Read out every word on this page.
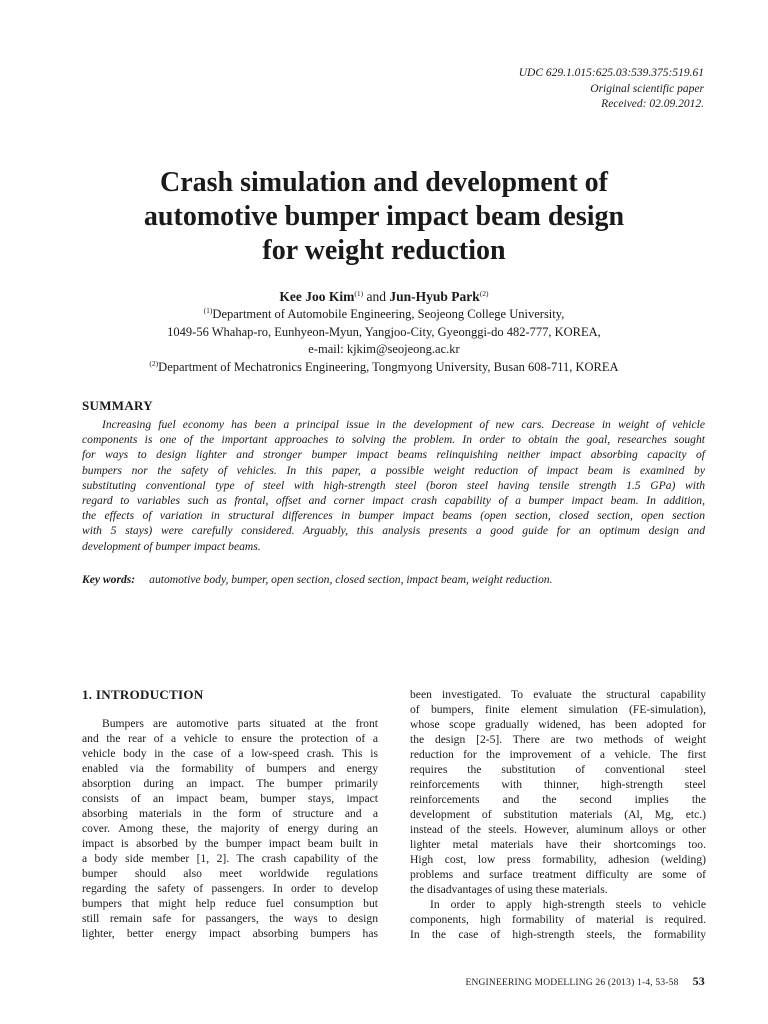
UDC 629.1.015:625.03:539.375:519.61
Original scientific paper
Received: 02.09.2012.
Crash simulation and development of
automotive bumper impact beam design
for weight reduction
Kee Joo Kim$^{(1)}$ and Jun-Hyub Park$^{(2)}$
$^{(1)}$Department of Automobile Engineering, Seojeong College University,
1049-56 Whahap-ro, Eunhyeon-Myun, Yangjoo-City, Gyeonggi-do 482-777, KOREA,
e-mail: kjkim@seojeong.ac.kr
$^{(2)}$Department of Mechatronics Engineering, Tongmyong University, Busan 608-711, KOREA
SUMMARY
Increasing fuel economy has been a principal issue in the development of new cars. Decrease in weight of vehicle
components is one of the important approaches to solving the problem. In order to obtain the goal, researches sought
for ways to design lighter and stronger bumper impact beams relinquishing neither impact absorbing capacity of
bumpers nor the safety of vehicles. In this paper, a possible weight reduction of impact beam is examined by
substituting conventional type of steel with high-strength steel (boron steel having tensile strength 1.5 GPa) with
regard to variables such as frontal, offset and corner impact crash capability of a bumper impact beam. In addition,
the effects of variation in structural differences in bumper impact beams (open section, closed section, open section
with 5 stays) were carefully considered. Arguably, this analysis presents a good guide for an optimum design and
development of bumper impact beams.
Key words: automotive body, bumper, open section, closed section, impact beam, weight reduction.
1. INTRODUCTION
Bumpers are automotive parts situated at the front
and the rear of a vehicle to ensure the protection of a
vehicle body in the case of a low-speed crash. This is
enabled via the formability of bumpers and energy
absorption during an impact. The bumper primarily
consists of an impact beam, bumper stays, impact
absorbing materials in the form of structure and a
cover. Among these, the majority of energy during an
impact is absorbed by the bumper impact beam built in
a body side member [1, 2]. The crash capability of the
bumper should also meet worldwide regulations
regarding the safety of passengers. In order to develop
bumpers that might help reduce fuel consumption but
still remain safe for passangers, the ways to design
lighter, better energy impact absorbing bumpers has
been investigated. To evaluate the structural capability
of bumpers, finite element simulation (FE-simulation),
whose scope gradually widened, has been adopted for
the design [2-5]. There are two methods of weight
reduction for the improvement of a vehicle. The first
requires the substitution of conventional steel
reinforcements with thinner, high-strength steel
reinforcements and the second implies the
development of substitution materials (Al, Mg, etc.)
instead of the steels. However, aluminum alloys or other
lighter metal materials have their shortcomings too.
High cost, low press formability, adhesion (welding)
problems and surface treatment difficulty are some of
the disadvantages of using these materials.
In order to apply high-strength steels to vehicle
components, high formability of material is required.
In the case of high-strength steels, the formability
ENGINEERING MODELLING 26 (2013) 1-4, 53-58 53
